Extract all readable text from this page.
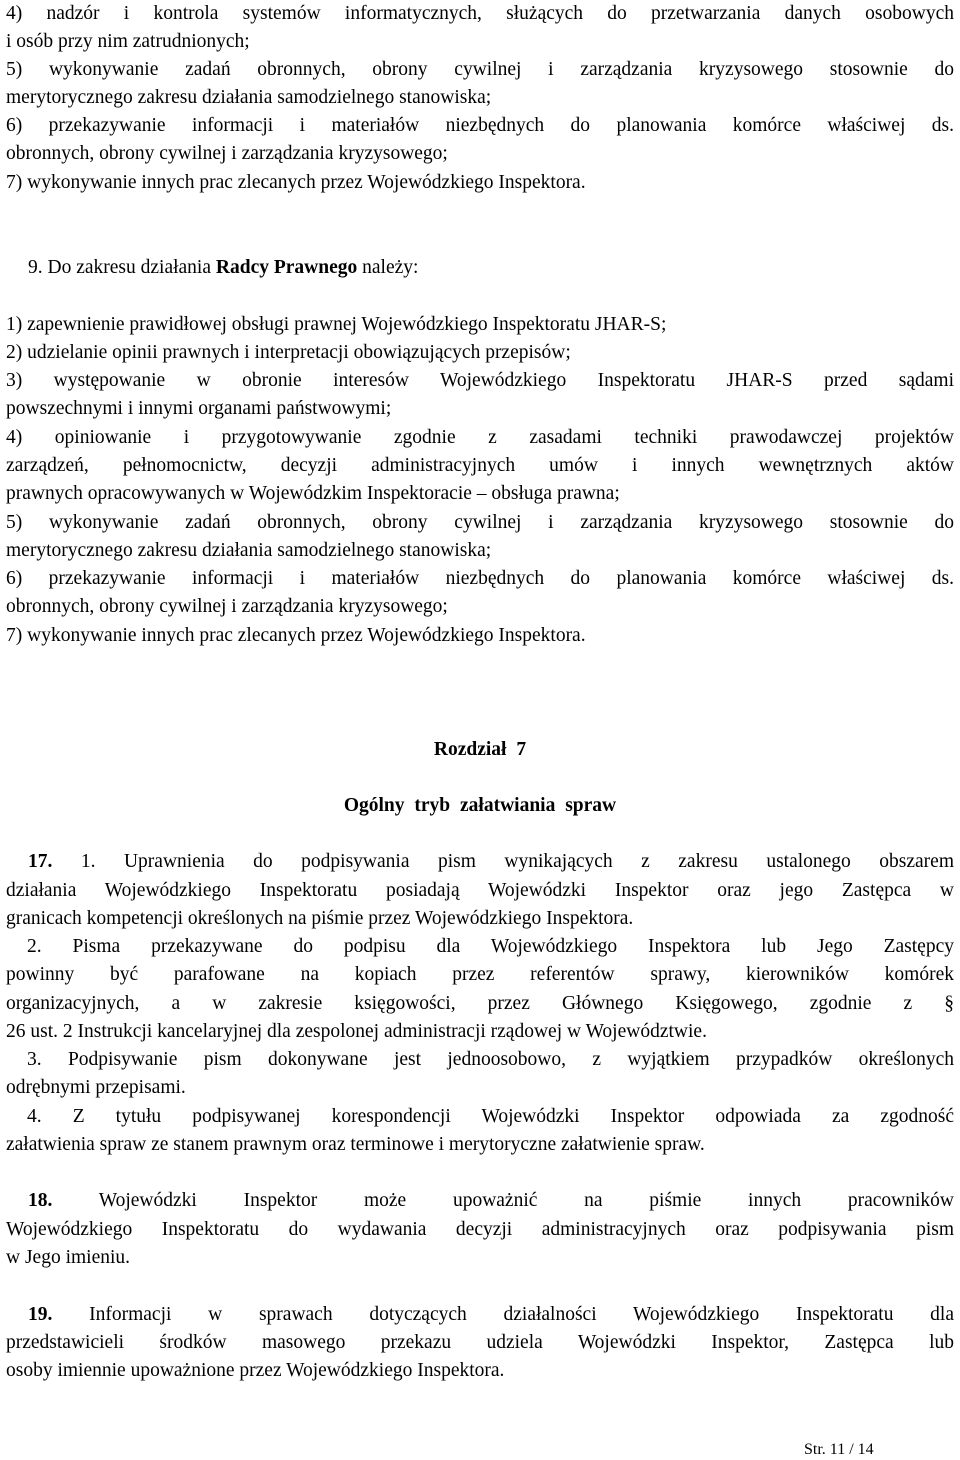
4) nadzór i kontrola systemów informatycznych, służących do przetwarzania danych osobowych
i osób przy nim zatrudnionych;
5) wykonywanie zadań obronnych, obrony cywilnej i zarządzania kryzysowego stosownie do
merytorycznego zakresu działania samodzielnego stanowiska;
6) przekazywanie informacji i materiałów niezbędnych do planowania komórce właściwej ds.
obronnych, obrony cywilnej i zarządzania kryzysowego;
7) wykonywanie innych prac zlecanych przez Wojewódzkiego Inspektora.
9. Do zakresu działania Radcy Prawnego należy:
1) zapewnienie prawidłowej obsługi prawnej Wojewódzkiego Inspektoratu JHAR-S;
2) udzielanie opinii prawnych i interpretacji obowiązujących przepisów;
3) występowanie w obronie interesów Wojewódzkiego Inspektoratu JHAR-S przed sądami
powszechnymi i innymi organami państwowymi;
4) opiniowanie i przygotowywanie zgodnie z zasadami techniki prawodawczej projektów
zarządzeń, pełnomocnictw, decyzji administracyjnych umów i innych wewnętrznych aktów
prawnych opracowywanych w Wojewódzkim Inspektoracie – obsługa prawna;
5) wykonywanie zadań obronnych, obrony cywilnej i zarządzania kryzysowego stosownie do
merytorycznego zakresu działania samodzielnego stanowiska;
6) przekazywanie informacji i materiałów niezbędnych do planowania komórce właściwej ds.
obronnych, obrony cywilnej i zarządzania kryzysowego;
7) wykonywanie innych prac zlecanych przez Wojewódzkiego Inspektora.
Rozdział 7
Ogólny tryb załatwiania spraw
17. 1. Uprawnienia do podpisywania pism wynikających z zakresu ustalonego obszarem
działania Wojewódzkiego Inspektoratu posiadają Wojewódzki Inspektor oraz jego Zastępca w
granicach kompetencji określonych na piśmie przez Wojewódzkiego Inspektora.
2. Pisma przekazywane do podpisu dla Wojewódzkiego Inspektora lub Jego Zastępcy
powinny być parafowane na kopiach przez referentów sprawy, kierowników komórek
organizacyjnych, a w zakresie księgowości, przez Głównego Księgowego, zgodnie z §
26 ust. 2 Instrukcji kancelaryjnej dla zespolonej administracji rządowej w Województwie.
3. Podpisywanie pism dokonywane jest jednoosobowo, z wyjątkiem przypadków określonych
odrębnymi przepisami.
4. Z tytułu podpisywanej korespondencji Wojewódzki Inspektor odpowiada za zgodność
załatwienia spraw ze stanem prawnym oraz terminowe i merytoryczne załatwienie spraw.
18. Wojewódzki Inspektor może upoważnić na piśmie innych pracowników
Wojewódzkiego Inspektoratu do wydawania decyzji administracyjnych oraz podpisywania pism
w Jego imieniu.
19. Informacji w sprawach dotyczących działalności Wojewódzkiego Inspektoratu dla
przedstawicieli środków masowego przekazu udziela Wojewódzki Inspektor, Zastępca lub
osoby imiennie upoważnione przez Wojewódzkiego Inspektora.
Str. 11 / 14
